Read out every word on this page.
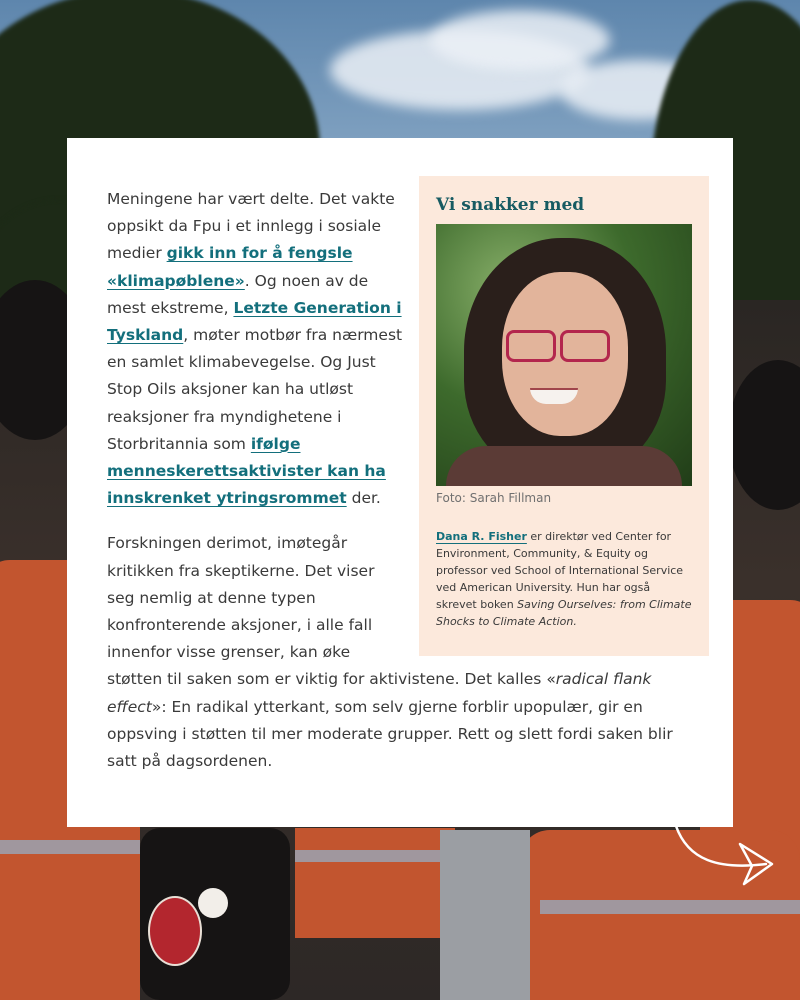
Vi snakker med
Foto: Sarah Fillman
Dana R. Fisher er direktør ved Center for Environment, Community, & Equity og professor ved School of International Service ved American University. Hun har også skrevet boken Saving Ourselves: from Climate Shocks to Climate Action.

Meningene har vært delte. Det vakte oppsikt da Fpu i et innlegg i sosiale medier gikk inn for å fengsle «klimapøblene». Og noen av de mest ekstreme, Letzte Generation i Tyskland, møter motbør fra nærmest en samlet klimabevegelse. Og Just Stop Oils aksjoner kan ha utløst reaksjoner fra myndighetene i Storbritannia som ifølge menneskerettsaktivister kan ha innskrenket ytringsrommet der.

Forskningen derimot, imøtegår kritikken fra skeptikerne. Det viser seg nemlig at denne typen konfronterende aksjoner, i alle fall innenfor visse grenser, kan øke støtten til saken som er viktig for aktivistene. Det kalles «radical flank effect»: En radikal ytterkant, som selv gjerne forblir upopulær, gir en oppsving i støtten til mer moderate grupper. Rett og slett fordi saken blir satt på dagsordenen.
